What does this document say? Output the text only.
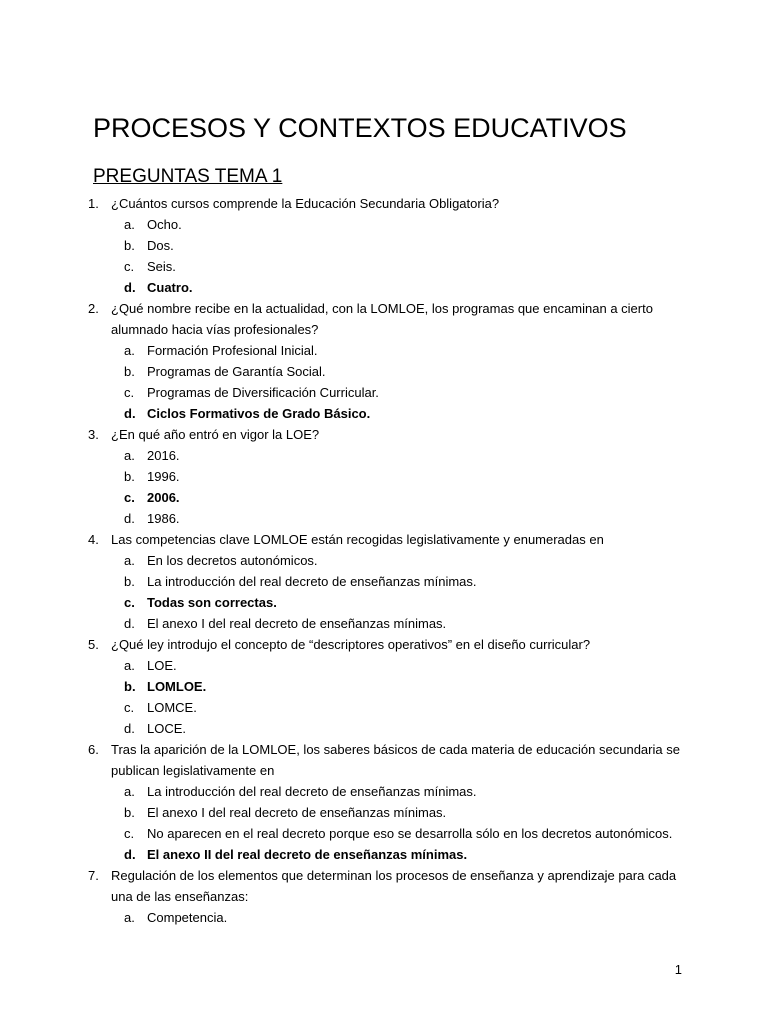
PROCESOS Y CONTEXTOS EDUCATIVOS
PREGUNTAS TEMA 1
1. ¿Cuántos cursos comprende la Educación Secundaria Obligatoria?
a. Ocho.
b. Dos.
c. Seis.
d. Cuatro.
2. ¿Qué nombre recibe en la actualidad, con la LOMLOE, los programas que encaminan a cierto alumnado hacia vías profesionales?
a. Formación Profesional Inicial.
b. Programas de Garantía Social.
c. Programas de Diversificación Curricular.
d. Ciclos Formativos de Grado Básico.
3. ¿En qué año entró en vigor la LOE?
a. 2016.
b. 1996.
c. 2006.
d. 1986.
4. Las competencias clave LOMLOE están recogidas legislativamente y enumeradas en
a. En los decretos autonómicos.
b. La introducción del real decreto de enseñanzas mínimas.
c. Todas son correctas.
d. El anexo I del real decreto de enseñanzas mínimas.
5. ¿Qué ley introdujo el concepto de “descriptores operativos” en el diseño curricular?
a. LOE.
b. LOMLOE.
c. LOMCE.
d. LOCE.
6. Tras la aparición de la LOMLOE, los saberes básicos de cada materia de educación secundaria se publican legislativamente en
a. La introducción del real decreto de enseñanzas mínimas.
b. El anexo I del real decreto de enseñanzas mínimas.
c. No aparecen en el real decreto porque eso se desarrolla sólo en los decretos autonómicos.
d. El anexo II del real decreto de enseñanzas mínimas.
7. Regulación de los elementos que determinan los procesos de enseñanza y aprendizaje para cada una de las enseñanzas:
a. Competencia.
1
